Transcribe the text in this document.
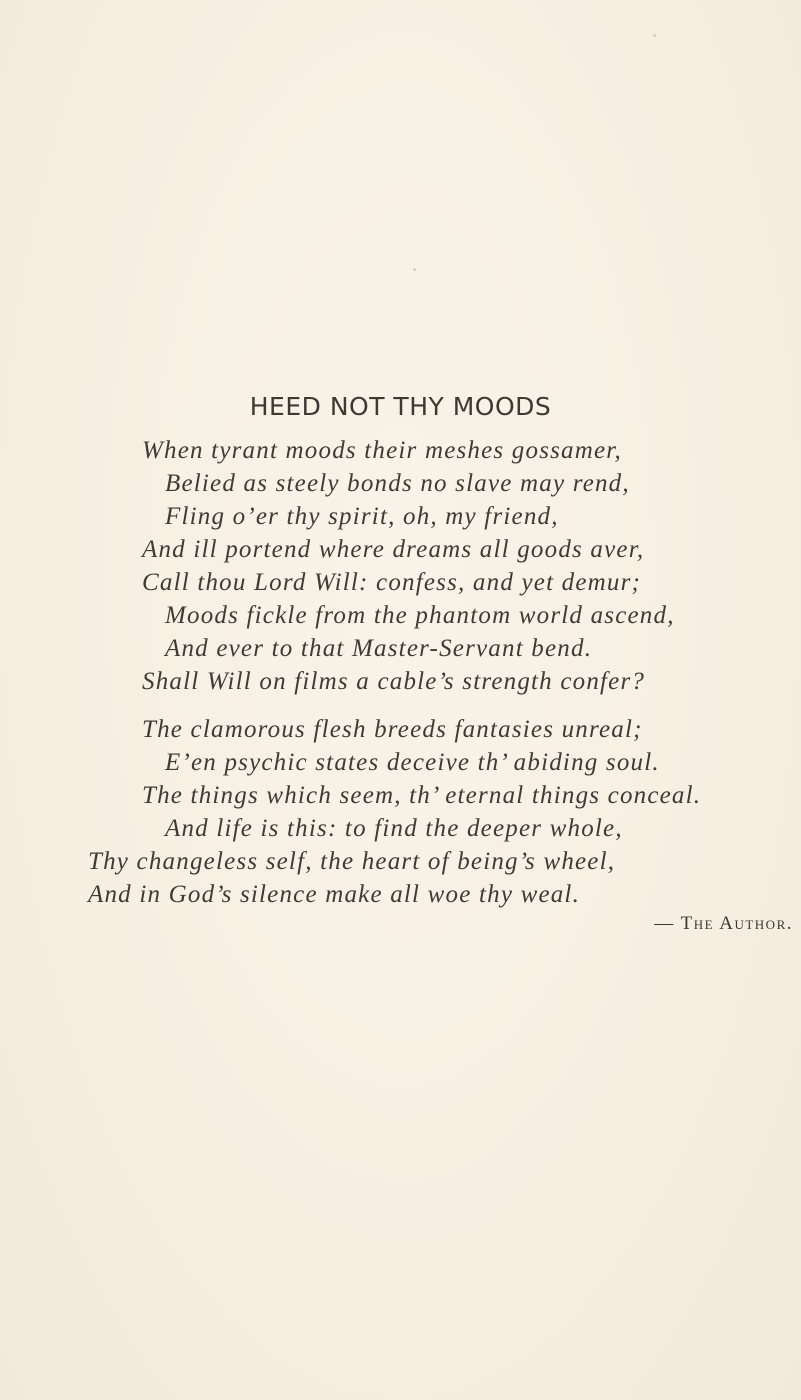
HEED NOT THY MOODS

When tyrant moods their meshes gossamer,

Belied as steely bonds no slave may rend,

Fling o’er thy spirit, oh, my friend,

And ill portend where dreams all goods aver,

Call thou Lord Will: confess, and yet demur;

Moods fickle from the phantom world ascend,

And ever to that Master-Servant bend.

Shall Will on films a cable’s strength confer?

The clamorous flesh breeds fantasies unreal;

E’en psychic states deceive th’ abiding soul.

The things which seem, th’ eternal things conceal.

And life is this: to find the deeper whole,

Thy changeless self, the heart of being’s wheel,

And in God’s silence make all woe thy weal.

— The Author.
